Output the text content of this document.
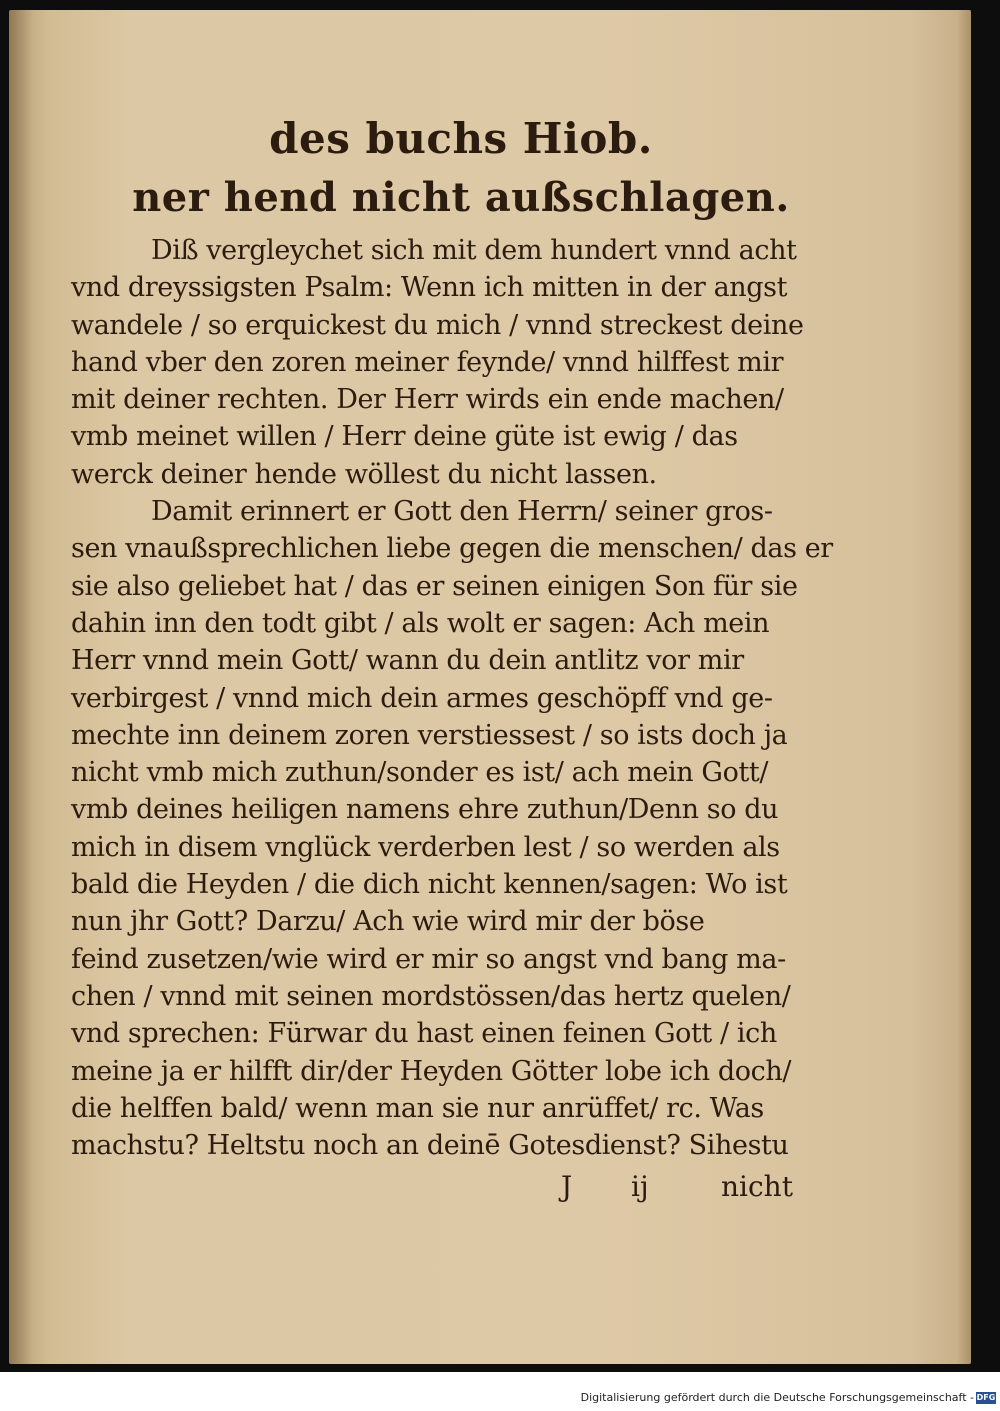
des buchs Hiob.

ner hend nicht außschlagen.

Diß vergleychet sich mit dem hundert vnnd acht

vnd dreyssigsten Psalm: Wenn ich mitten in der angst

wandele / so erquickest du mich / vnnd streckest deine

hand vber den zoren meiner feynde/ vnnd hilffest mir

mit deiner rechten. Der Herr wirds ein ende machen/

vmb meinet willen / Herr deine güte ist ewig / das

werck deiner hende wöllest du nicht lassen.

Damit erinnert er Gott den Herrn/ seiner gros-

sen vnaußsprechlichen liebe gegen die menschen/ das er

sie also geliebet hat / das er seinen einigen Son für sie

dahin inn den todt gibt / als wolt er sagen: Ach mein

Herr vnnd mein Gott/ wann du dein antlitz vor mir

verbirgest / vnnd mich dein armes geschöpff vnd ge-

mechte inn deinem zoren verstiessest / so ists doch ja

nicht vmb mich zuthun/sonder es ist/ ach mein Gott/

vmb deines heiligen namens ehre zuthun/Denn so du

mich in disem vnglück verderben lest / so werden als

bald die Heyden / die dich nicht kennen/sagen: Wo ist

nun jhr Gott? Darzu/ Ach wie wird mir der böse

feind zusetzen/wie wird er mir so angst vnd bang ma-

chen / vnnd mit seinen mordstössen/das hertz quelen/

vnd sprechen: Fürwar du hast einen feinen Gott / ich

meine ja er hilfft dir/der Heyden Götter lobe ich doch/

die helffen bald/ wenn man sie nur anrüffet/ rc. Was

machstu? Heltstu noch an deinē Gotesdienst? Sihestu

J ij	nicht
Digitalisierung gefördert durch die Deutsche Forschungsgemeinschaft - DFG
